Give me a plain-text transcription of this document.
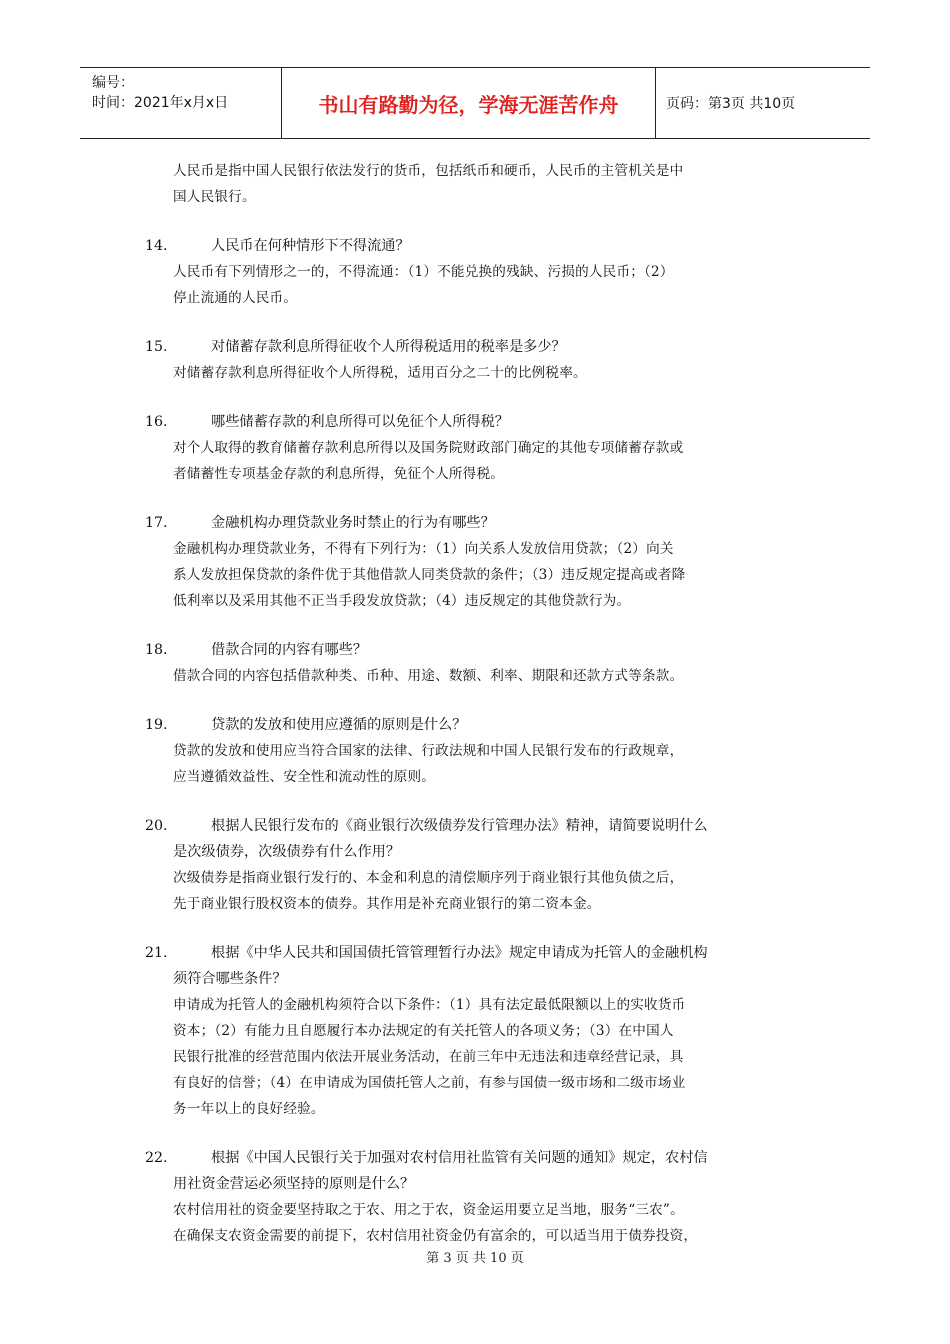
编号：
时间：2021年x月x日	书山有路勤为径，学海无涯苦作舟	页码：第3页 共10页
人民币是指中国人民银行依法发行的货币，包括纸币和硬币，人民币的主管机关是中
国人民银行。
14.	人民币在何种情形下不得流通？
人民币有下列情形之一的，不得流通：（1）不能兑换的残缺、污损的人民币；（2）
停止流通的人民币。
15.	对储蓄存款利息所得征收个人所得税适用的税率是多少？
对储蓄存款利息所得征收个人所得税，适用百分之二十的比例税率。
16.	哪些储蓄存款的利息所得可以免征个人所得税？
对个人取得的教育储蓄存款利息所得以及国务院财政部门确定的其他专项储蓄存款或
者储蓄性专项基金存款的利息所得，免征个人所得税。
17.	金融机构办理贷款业务时禁止的行为有哪些？
金融机构办理贷款业务，不得有下列行为：（1）向关系人发放信用贷款；（2）向关
系人发放担保贷款的条件优于其他借款人同类贷款的条件；（3）违反规定提高或者降
低利率以及采用其他不正当手段发放贷款；（4）违反规定的其他贷款行为。
18.	借款合同的内容有哪些？
借款合同的内容包括借款种类、币种、用途、数额、利率、期限和还款方式等条款。
19.	贷款的发放和使用应遵循的原则是什么？
贷款的发放和使用应当符合国家的法律、行政法规和中国人民银行发布的行政规章，
应当遵循效益性、安全性和流动性的原则。
20.	根据人民银行发布的《商业银行次级债券发行管理办法》精神，请简要说明什么
是次级债券，次级债券有什么作用？
次级债券是指商业银行发行的、本金和利息的清偿顺序列于商业银行其他负债之后，
先于商业银行股权资本的债券。其作用是补充商业银行的第二资本金。
21.	根据《中华人民共和国国债托管管理暂行办法》规定申请成为托管人的金融机构
须符合哪些条件？
申请成为托管人的金融机构须符合以下条件：（1）具有法定最低限额以上的实收货币
资本；（2）有能力且自愿履行本办法规定的有关托管人的各项义务；（3）在中国人
民银行批准的经营范围内依法开展业务活动，在前三年中无违法和违章经营记录，具
有良好的信誉；（4）在申请成为国债托管人之前，有参与国债一级市场和二级市场业
务一年以上的良好经验。
22.	根据《中国人民银行关于加强对农村信用社监管有关问题的通知》规定，农村信
用社资金营运必须坚持的原则是什么？
农村信用社的资金要坚持取之于农、用之于农，资金运用要立足当地，服务“三农”。
在确保支农资金需要的前提下，农村信用社资金仍有富余的，可以适当用于债券投资，
第 3 页 共 10 页
